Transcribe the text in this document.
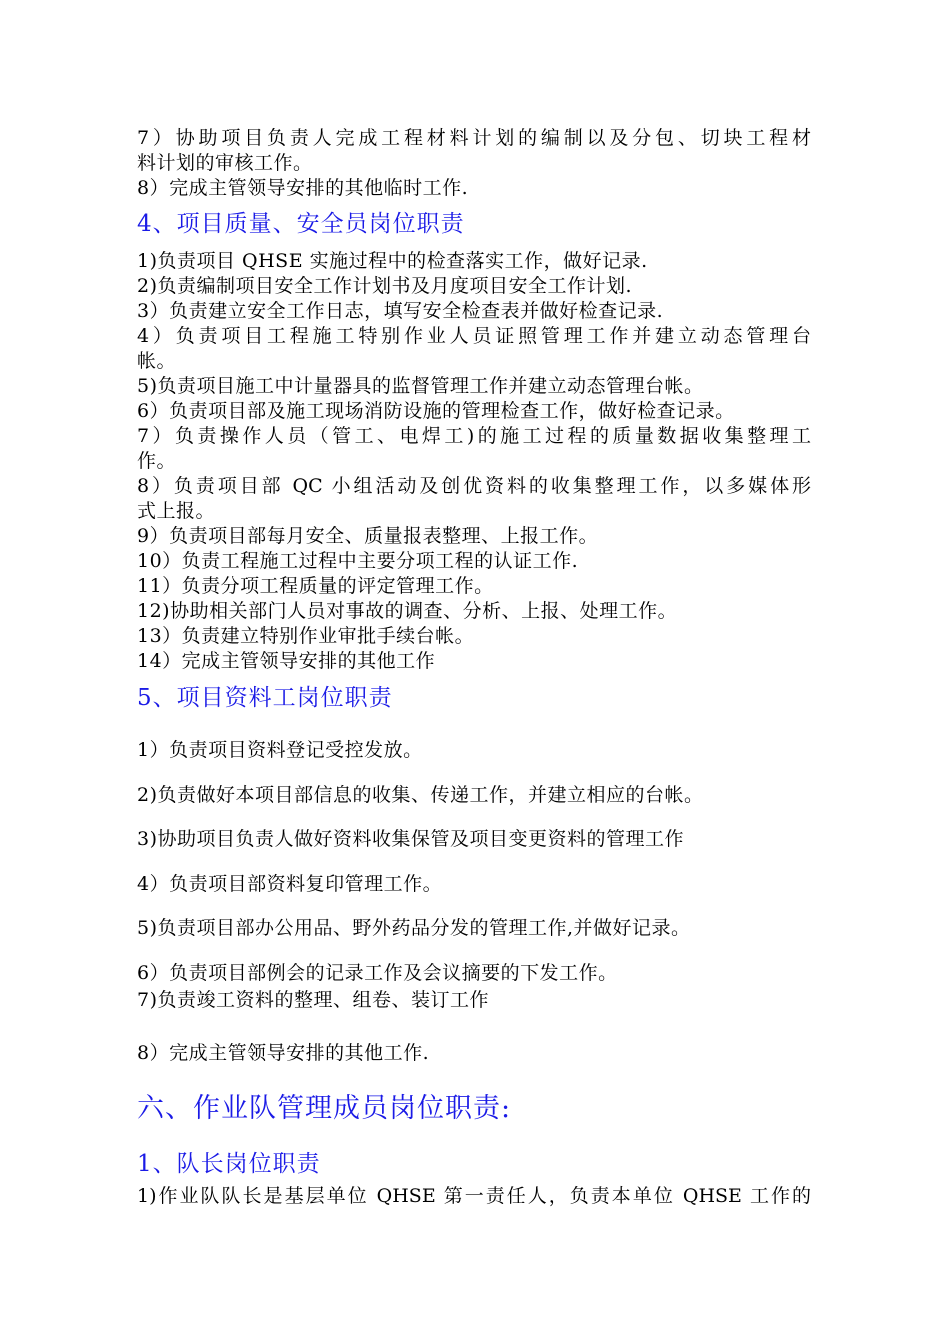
7）协助项目负责人完成工程材料计划的编制以及分包、切块工程材
料计划的审核工作。
8）完成主管领导安排的其他临时工作.
4、项目质量、安全员岗位职责
1)负责项目 QHSE 实施过程中的检查落实工作，做好记录.
2)负责编制项目安全工作计划书及月度项目安全工作计划.
3）负责建立安全工作日志，填写安全检查表并做好检查记录.
4）负责项目工程施工特别作业人员证照管理工作并建立动态管理台
帐。
5)负责项目施工中计量器具的监督管理工作并建立动态管理台帐。
6）负责项目部及施工现场消防设施的管理检查工作，做好检查记录。
7）负责操作人员（管工、电焊工)的施工过程的质量数据收集整理工
作。
8）负责项目部 QC 小组活动及创优资料的收集整理工作，以多媒体形
式上报。
9）负责项目部每月安全、质量报表整理、上报工作。
10）负责工程施工过程中主要分项工程的认证工作.
11）负责分项工程质量的评定管理工作。
12)协助相关部门人员对事故的调查、分析、上报、处理工作。
13）负责建立特别作业审批手续台帐。
14）完成主管领导安排的其他工作
5、项目资料工岗位职责
1）负责项目资料登记受控发放。
2)负责做好本项目部信息的收集、传递工作，并建立相应的台帐。
3)协助项目负责人做好资料收集保管及项目变更资料的管理工作
4）负责项目部资料复印管理工作。
5)负责项目部办公用品、野外药品分发的管理工作,并做好记录。
6）负责项目部例会的记录工作及会议摘要的下发工作。
7)负责竣工资料的整理、组卷、装订工作
8）完成主管领导安排的其他工作.
六、作业队管理成员岗位职责:
1、队长岗位职责
1)作业队队长是基层单位 QHSE 第一责任人，负责本单位 QHSE 工作的
